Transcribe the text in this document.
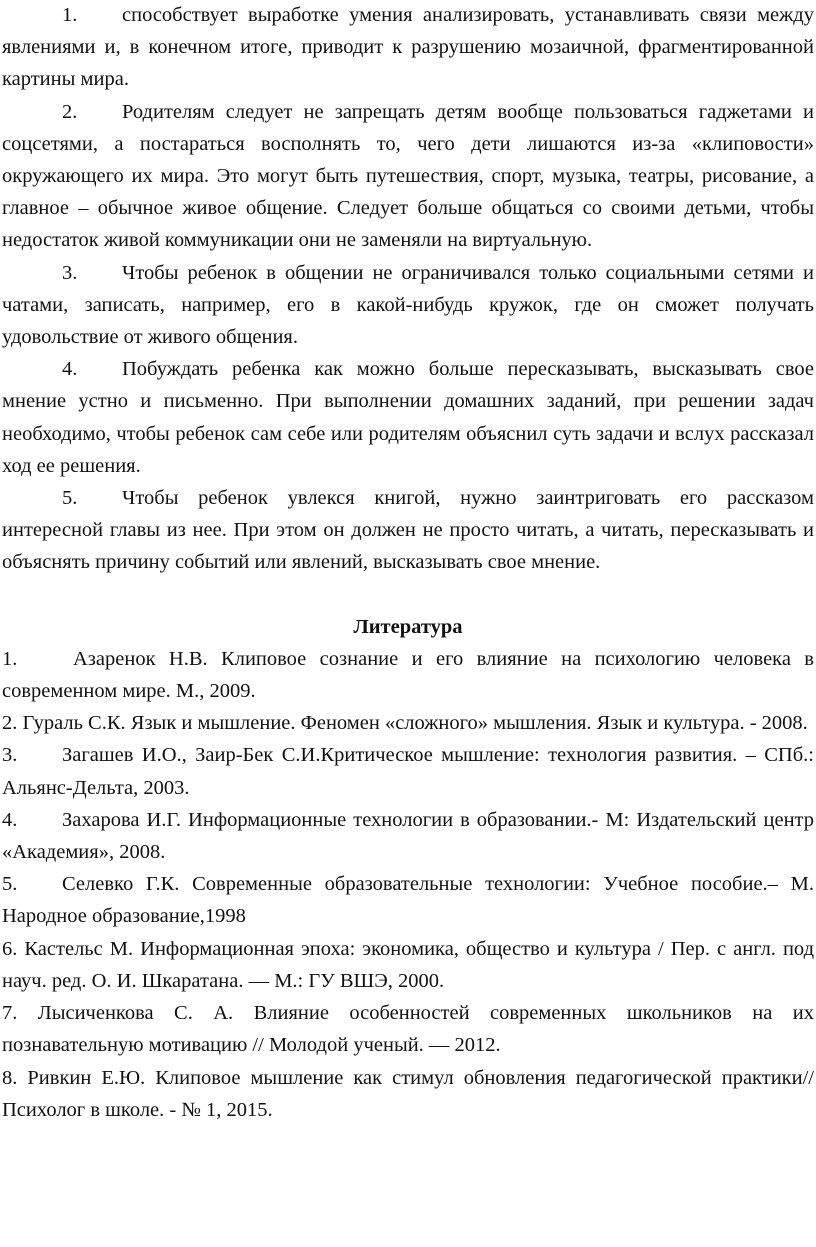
1. способствует выработке умения анализировать, устанавливать связи между явлениями и, в конечном итоге, приводит к разрушению мозаичной, фрагментированной картины мира.

2. Родителям следует не запрещать детям вообще пользоваться гаджетами и соцсетями, а постараться восполнять то, чего дети лишаются из-за «клиповости» окружающего их мира. Это могут быть путешествия, спорт, музыка, театры, рисование, а главное – обычное живое общение. Следует больше общаться со своими детьми, чтобы недостаток живой коммуникации они не заменяли на виртуальную.

3. Чтобы ребенок в общении не ограничивался только социальными сетями и чатами, записать, например, его в какой-нибудь кружок, где он сможет получать удовольствие от живого общения.

4. Побуждать ребенка как можно больше пересказывать, высказывать свое мнение устно и письменно. При выполнении домашних заданий, при решении задач необходимо, чтобы ребенок сам себе или родителям объяснил суть задачи и вслух рассказал ход ее решения.

5. Чтобы ребенок увлекся книгой, нужно заинтриговать его рассказом интересной главы из нее. При этом он должен не просто читать, а читать, пересказывать и объяснять причину событий или явлений, высказывать свое мнение.

Литература

1.	Азаренок Н.В. Клиповое сознание и его влияние на психологию человека в современном мире. М., 2009.

2. Гураль С.К. Язык и мышление. Феномен «сложного» мышления. Язык и культура. - 2008.

3. Загашев И.О., Заир-Бек С.И.Критическое мышление: технология развития. – СПб.: Альянс-Дельта, 2003.

4. Захарова И.Г. Информационные технологии в образовании.- М: Издательский центр «Академия», 2008.

5. Селевко Г.К. Современные образовательные технологии: Учебное пособие.– М. Народное образование,1998

6. Кастельс М. Информационная эпоха: экономика, общество и культура / Пер. с англ. под науч. ред. О. И. Шкаратана. — М.: ГУ ВШЭ, 2000.

7. Лысиченкова С. А. Влияние особенностей современных школьников на их познавательную мотивацию // Молодой ученый. — 2012.

8. Ривкин Е.Ю. Клиповое мышление как стимул обновления педагогической практики// Психолог в школе. - № 1, 2015.
